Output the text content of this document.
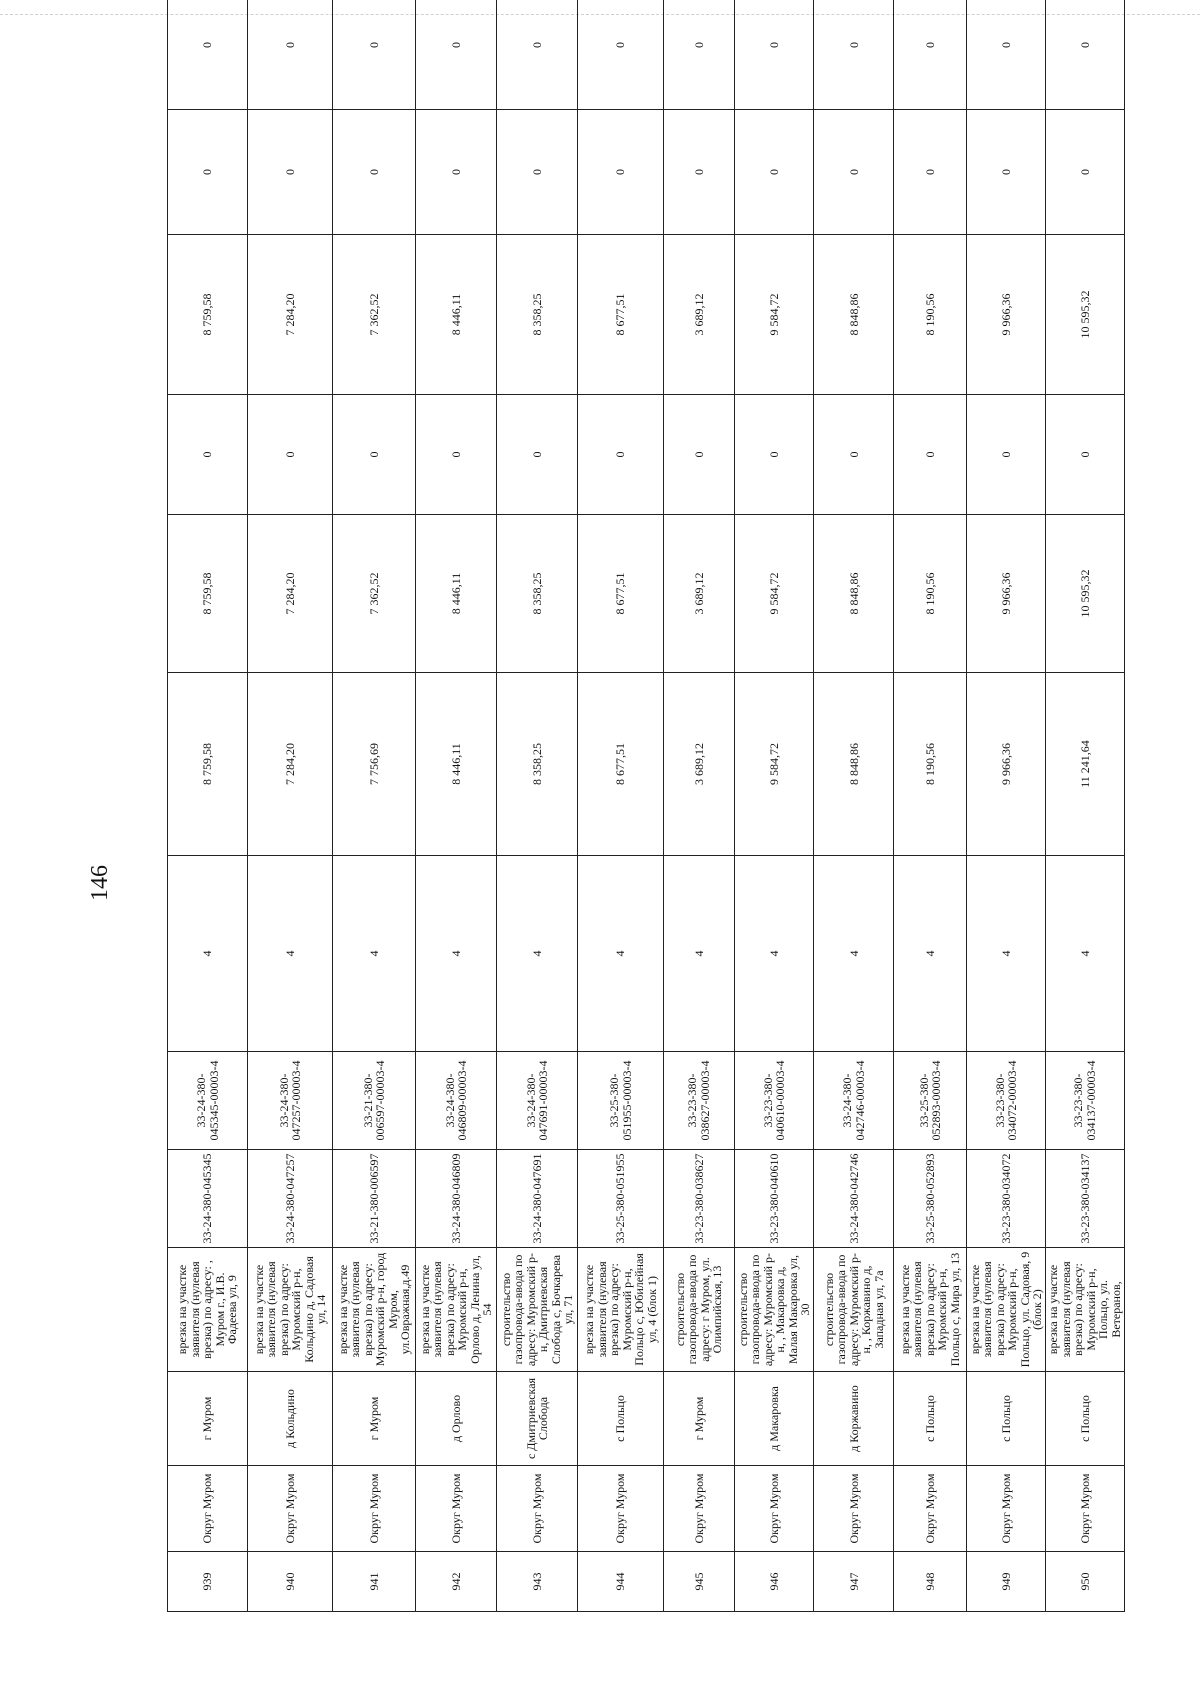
146
939	Округ Муром	г Муром	врезка на участке заявителя (нулевая врезка) по адресу: , Муром г., И.В. Фадеева ул, 9	33-24-380-045345	33-24-380-045345-00003-4	4	8 759,58	8 759,58	0	8 759,58	0	0
940	Округ Муром	д Кольдино	врезка на участке заявителя (нулевая врезка) по адресу: Муромский р-н, Кольдино д, Садовая ул, 14	33-24-380-047257	33-24-380-047257-00003-4	4	7 284,20	7 284,20	0	7 284,20	0	0
941	Округ Муром	г Муром	врезка на участке заявителя (нулевая врезка) по адресу: Муромский р-н, город Муром, ул.Овражная,д.49	33-21-380-006597	33-21-380-006597-00003-4	4	7 756,69	7 362,52	0	7 362,52	0	0
942	Округ Муром	д Орлово	врезка на участке заявителя (нулевая врезка) по адресу: Муромский р-н, Орлово д, Ленина ул, 54	33-24-380-046809	33-24-380-046809-00003-4	4	8 446,11	8 446,11	0	8 446,11	0	0
943	Округ Муром	с Дмитриевская Слобода	строительство газопровода-ввода по адресу: Муромский р-н, Дмитриевская Слобода с, Бочкарева ул, 71	33-24-380-047691	33-24-380-047691-00003-4	4	8 358,25	8 358,25	0	8 358,25	0	0
944	Округ Муром	с Польцо	врезка на участке заявителя (нулевая врезка) по адресу: Муромский р-н, Польцо с, Юбилейная ул, 4 (блок 1)	33-25-380-051955	33-25-380-051955-00003-4	4	8 677,51	8 677,51	0	8 677,51	0	0
945	Округ Муром	г Муром	строительство газопровода-ввода по адресу: г Муром, ул. Олимпийская, 13	33-23-380-038627	33-23-380-038627-00003-4	4	3 689,12	3 689,12	0	3 689,12	0	0
946	Округ Муром	д Макаровка	строительство газопровода-ввода по адресу: Муромский р-н, , Макаровка д, Малая Макаровка ул, 30	33-23-380-040610	33-23-380-040610-00003-4	4	9 584,72	9 584,72	0	9 584,72	0	0
947	Округ Муром	д Коржавино	строительство газопровода-ввода по адресу: Муромский р-н, , Коржавино д, Западная ул, 7а	33-24-380-042746	33-24-380-042746-00003-4	4	8 848,86	8 848,86	0	8 848,86	0	0
948	Округ Муром	с Польцо	врезка на участке заявителя (нулевая врезка) по адресу: Муромский р-н, Польцо с, Мира ул, 13	33-25-380-052893	33-25-380-052893-00003-4	4	8 190,56	8 190,56	0	8 190,56	0	0
949	Округ Муром	с Польцо	врезка на участке заявителя (нулевая врезка) по адресу: Муромский р-н, Польцо, ул. Садовая, 9 (блок 2)	33-23-380-034072	33-23-380-034072-00003-4	4	9 966,36	9 966,36	0	9 966,36	0	0
950	Округ Муром	с Польцо	врезка на участке заявителя (нулевая врезка) по адресу: Муромский р-н, Польцо, ул. Ветеранов,	33-23-380-034137	33-23-380-034137-00003-4	4	11 241,64	10 595,32	0	10 595,32	0	0
